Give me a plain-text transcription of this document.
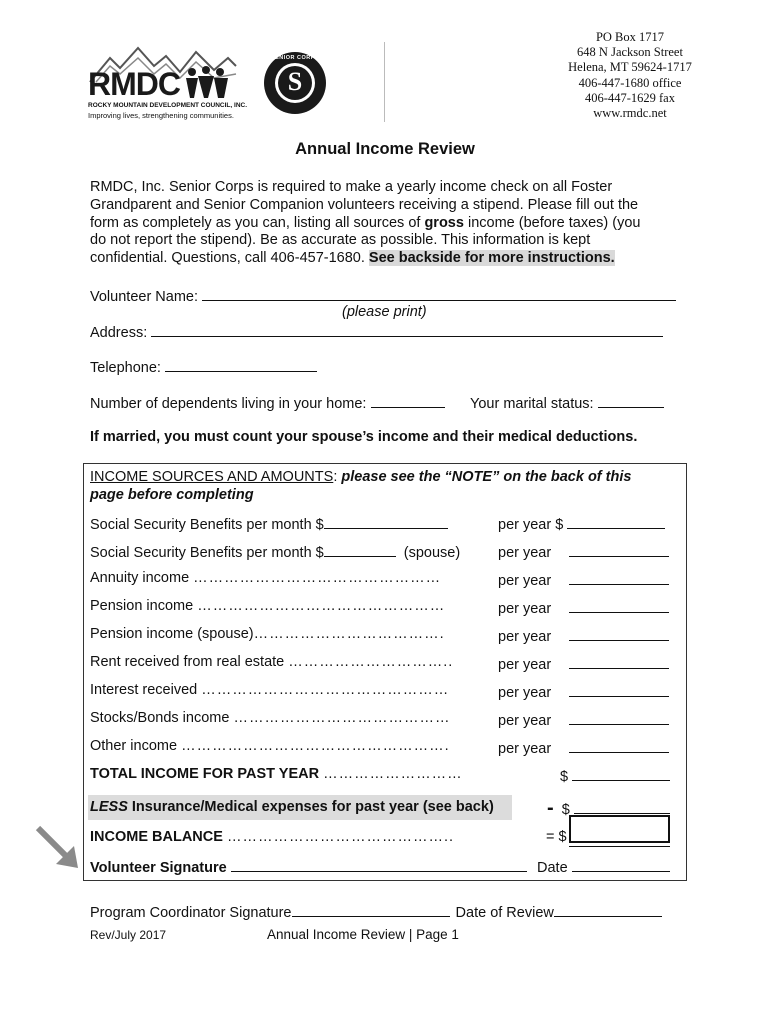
RMDC
ROCKY MOUNTAIN DEVELOPMENT COUNCIL, INC.
Improving lives, strengthening communities.
S
SENIOR CORPS
PO Box 1717
648 N Jackson Street
Helena, MT 59624-1717
406-447-1680 office
406-447-1629 fax
www.rmdc.net
Annual Income Review
RMDC, Inc. Senior Corps is required to make a yearly income check on all Foster
Grandparent and Senior Companion volunteers receiving a stipend. Please fill out the
form as completely as you can, listing all sources of gross income (before taxes) (you
do not report the stipend). Be as accurate as possible. This information is kept
confidential. Questions, call 406-457-1680. See backside for more instructions.
Volunteer Name:
(please print)
Address:
Telephone:
Number of dependents living in your home:	Your marital status:
If married, you must count your spouse’s income and their medical deductions.
INCOME SOURCES AND AMOUNTS: please see the “NOTE” on the back of this
page before completing
Social Security Benefits per month $	per year $
Social Security Benefits per month $	(spouse)	per year
Annuity income …………………………………………	per year
Pension income …………………………………………	per year
Pension income (spouse)……………………………….	per year
Rent received from real estate …………………………..	per year
Interest received …………………………………………	per year
Stocks/Bonds income ……………………………………	per year
Other income …………………………………………….	per year
TOTAL INCOME FOR PAST YEAR ………………………	$
LESS Insurance/Medical expenses for past year (see back)	- $
INCOME BALANCE ……………………………………..	= $
Volunteer Signature	Date
Program Coordinator Signature	Date of Review
Rev/July 2017	Annual Income Review | Page 1
